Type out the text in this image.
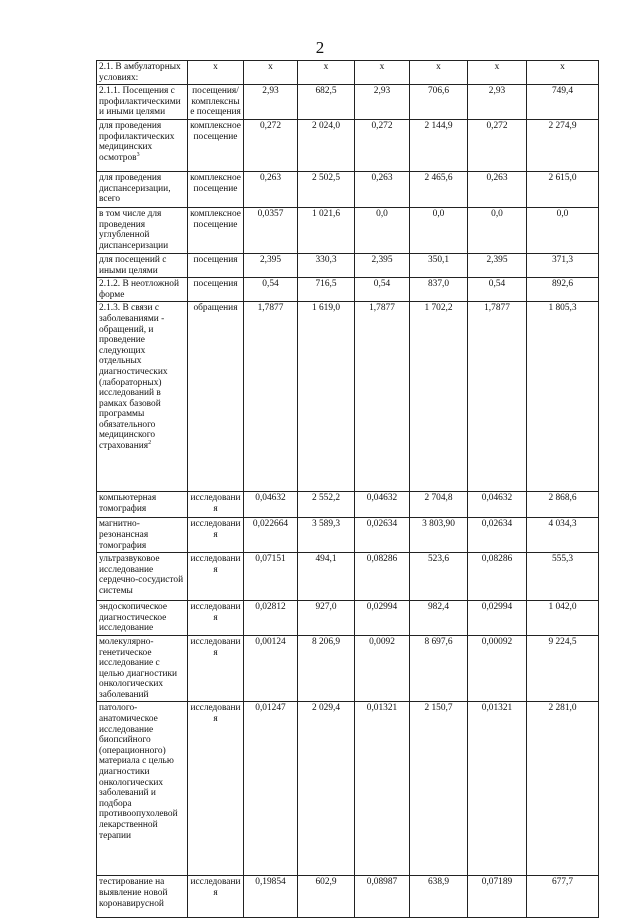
2
2.1. В амбулаторных условиях:	х	х	х	х	х	х	х
2.1.1. Посещения с профилактическими и иными целями	посещения/комплексные посещения	2,93	682,5	2,93	706,6	2,93	749,4
для проведения профилактических медицинских осмотров$^3$	комплексное посещение	0,272	2 024,0	0,272	2 144,9	0,272	2 274,9
для проведения диспансеризации, всего	комплексное посещение	0,263	2 502,5	0,263	2 465,6	0,263	2 615,0
в том числе для проведения углубленной диспансеризации	комплексное посещение	0,0357	1 021,6	0,0	0,0	0,0	0,0
для посещений с иными целями	посещения	2,395	330,3	2,395	350,1	2,395	371,3
2.1.2. В неотложной форме	посещения	0,54	716,5	0,54	837,0	0,54	892,6
2.1.3. В связи с заболеваниями - обращений, и проведение следующих отдельных диагностических (лабораторных) исследований в рамках базовой программы обязательного медицинского страхования$^2$	обращения	1,7877	1 619,0	1,7877	1 702,2	1,7877	1 805,3
компьютерная томография	исследования	0,04632	2 552,2	0,04632	2 704,8	0,04632	2 868,6
магнитно-резонансная томография	исследования	0,022664	3 589,3	0,02634	3 803,90	0,02634	4 034,3
ультразвуковое исследование сердечно-сосудистой системы	исследования	0,07151	494,1	0,08286	523,6	0,08286	555,3
эндоскопическое диагностическое исследование	исследования	0,02812	927,0	0,02994	982,4	0,02994	1 042,0
молекулярно-генетическое исследование с целью диагностики онкологических заболеваний	исследования	0,00124	8 206,9	0,0092	8 697,6	0,00092	9 224,5
патолого-анатомическое исследование биопсийного (операционного) материала с целью диагностики онкологических заболеваний и подбора противоопухолевой лекарственной терапии	исследования	0,01247	2 029,4	0,01321	2 150,7	0,01321	2 281,0
тестирование на выявление новой коронавирусной	исследования	0,19854	602,9	0,08987	638,9	0,07189	677,7
